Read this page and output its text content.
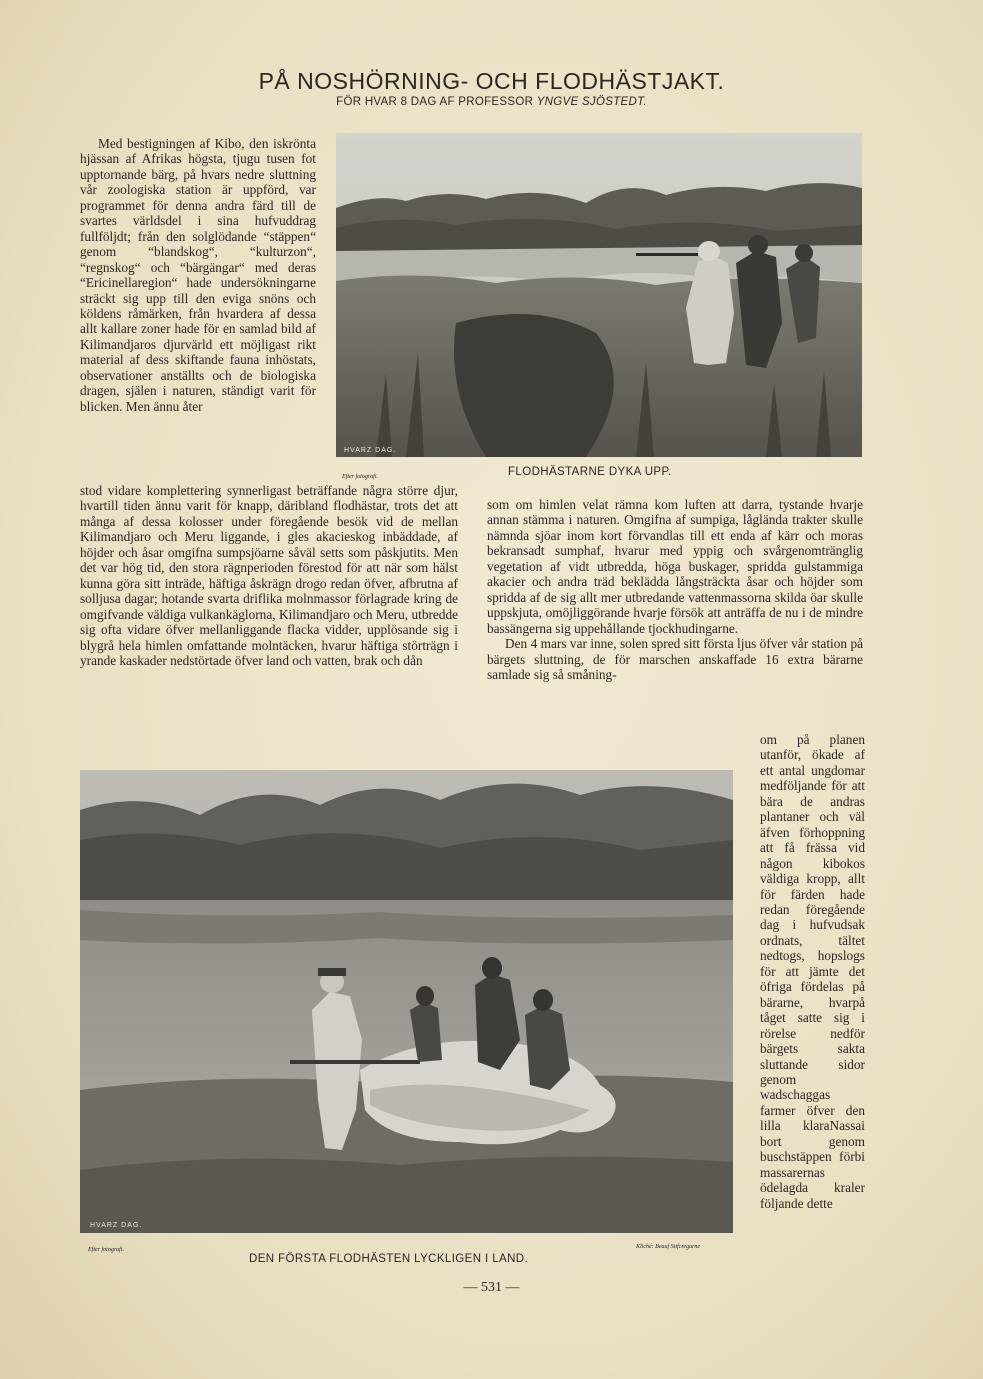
PÅ NOSHÖRNING- OCH FLODHÄSTJAKT.
FÖR HVAR 8 DAG AF PROFESSOR YNGVE SJÖSTEDT.

Med bestigningen af Kibo, den iskrönta hjässan af Afrikas högsta, tjugu tusen fot upptornande bärg, på hvars nedre sluttning vår zoologiska station är uppförd, var programmet för denna andra färd till de svartes världsdel i sina hufvuddrag fullföljdt; från den solglödande “stäppen“ genom “blandskog“, “kulturzon“, “regnskog“ och “bärgängar“ med deras “Ericinellaregion“ hade undersökningarne sträckt sig upp till den eviga snöns och köldens råmärken, från hvardera af dessa allt kallare zoner hade för en samlad bild af Kilimandjaros djurvärld ett möjligast rikt material af dess skiftande fauna inhöstats, observationer anställts och de biologiska dragen, själen i naturen, ständigt varit för blicken. Men ännu åter

HVARZ DAG.
Efter fotografi.	FLODHÄSTARNE DYKA UPP.

som om himlen velat rämna kom luften att darra, tystande hvarje annan stämma i naturen. Omgifna af sumpiga, låglända trakter skulle nämnda sjöar inom kort förvandlas till ett enda af kärr och moras bekransadt sumphaf, hvarur med yppig och svårgenomtränglig vegetation af vidt utbredda, höga buskager, spridda gulstammiga akacier och andra träd beklädda långsträckta åsar och höjder som spridda af de sig allt mer utbredande vattenmassorna skilda öar skulle uppskjuta, omöjliggörande hvarje försök att anträffa de nu i de mindre bassängerna sig uppehållande tjockhudingarne.

Den 4 mars var inne, solen spred sitt första ljus öfver vår station på bärgets sluttning, de för marschen anskaffade 16 extra bärarne samlade sig så småning-

HVARZ DAG.
Efter fotografi.
DEN FÖRSTA FLODHÄSTEN LYCKLIGEN I LAND.
Kliché: Beauf Stifcregarne

om på planen utanför, ökade af ett antal ungdomar medföljande för att bära de andras plantaner och väl äfven förhoppning att få frässa vid någon kibokos väldiga kropp, allt för färden hade redan föregående dag i hufvudsak ordnats, tältet nedtogs, hopslogs för att jämte det öfriga fördelas på bärarne, hvarpå tåget satte sig i rörelse nedför bärgets sakta sluttande sidor genom wadschaggas farmer öfver den lilla klaraNassai bort genom buschstäppen förbi massarernas ödelagda kraler följande dette

— 531 —

stod vidare komplettering synnerligast beträffande några större djur, hvartill tiden ännu varit för knapp, däribland flodhästar, trots det att många af dessa kolosser under föregående besök vid de mellan Kilimandjaro och Meru liggande, i gles akacieskog inbäddade, af höjder och åsar omgifna sumpsjöarne såväl setts som påskjutits. Men det var hög tid, den stora rägnperioden förestod för att när som hälst kunna göra sitt inträde, häftiga åskrägn drogo redan öfver, afbrutna af solljusa dagar; hotande svarta driflika molnmassor förlagrade kring de omgifvande väldiga vulkankäglorna, Kilimandjaro och Meru, utbredde sig ofta vidare öfver mellanliggande flacka vidder, upplösande sig i blygrå hela himlen omfattande molntäcken, hvarur häftiga störträgn i yrande kaskader nedstörtade öfver land och vatten, brak och dån
